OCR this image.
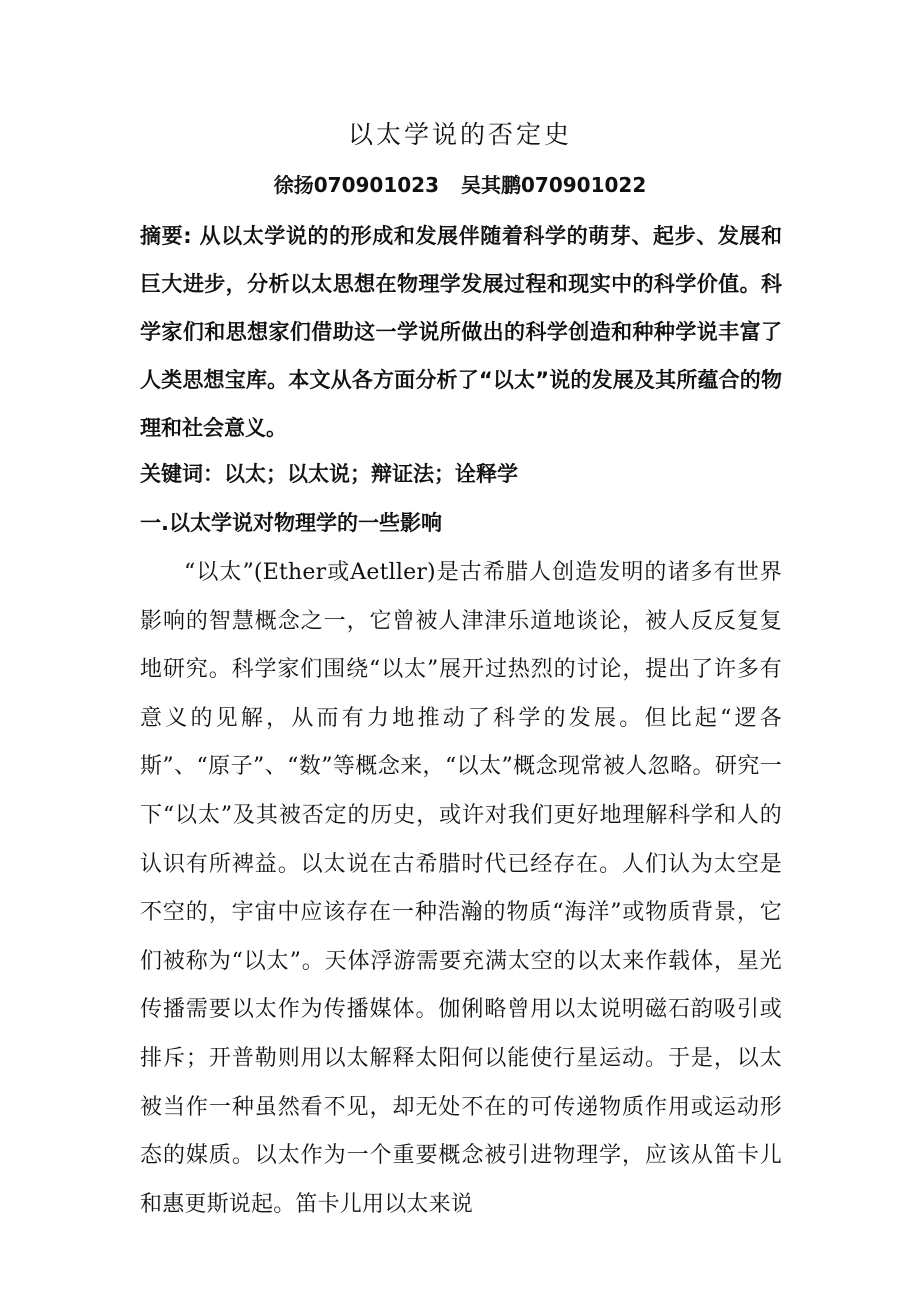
以太学说的否定史
徐扬070901023 吴其鹏070901022
摘要: 从以太学说的的形成和发展伴随着科学的萌芽、起步、发展和巨大进步，分析以太思想在物理学发展过程和现实中的科学价值。科学家们和思想家们借助这一学说所做出的科学创造和种种学说丰富了人类思想宝库。本文从各方面分析了“以太”说的发展及其所蕴合的物理和社会意义。
关键词：以太；以太说；辩证法；诠释学
一.以太学说对物理学的一些影响

“以太”(Ether或Aetller)是古希腊人创造发明的诸多有世界影响的智慧概念之一，它曾被人津津乐道地谈论，被人反反复复地研究。科学家们围绕“以太”展开过热烈的讨论，提出了许多有意义的见解，从而有力地推动了科学的发展。但比起“逻各斯”、“原子”、“数”等概念来，“以太”概念现常被人忽略。研究一下“以太”及其被否定的历史，或许对我们更好地理解科学和人的认识有所裨益。以太说在古希腊时代已经存在。人们认为太空是不空的，宇宙中应该存在一种浩瀚的物质“海洋”或物质背景，它们被称为“以太”。天体浮游需要充满太空的以太来作载体，星光传播需要以太作为传播媒体。伽俐略曾用以太说明磁石韵吸引或排斥；开普勒则用以太解释太阳何以能使行星运动。于是，以太被当作一种虽然看不见，却无处不在的可传递物质作用或运动形态的媒质。以太作为一个重要概念被引进物理学，应该从笛卡儿和惠更斯说起。笛卡儿用以太来说
